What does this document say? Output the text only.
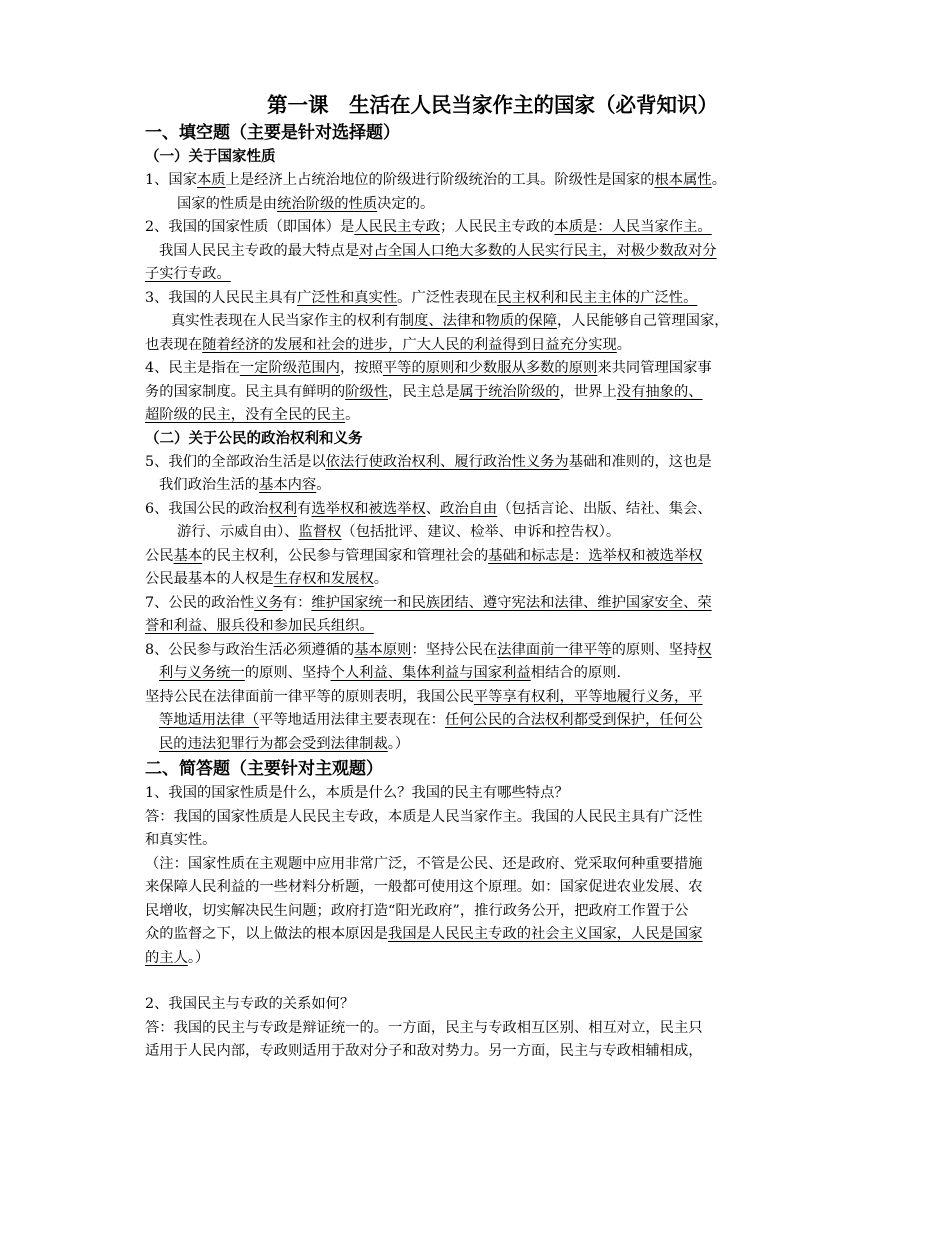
第一课　生活在人民当家作主的国家（必背知识）
一、填空题（主要是针对选择题）
（一）关于国家性质
1、国家本质上是经济上占统治地位的阶级进行阶级统治的工具。阶级性是国家的根本属性。
国家的性质是由统治阶级的性质决定的。
2、我国的国家性质（即国体）是人民民主专政；人民民主专政的本质是：人民当家作主。
我国人民民主专政的最大特点是对占全国人口绝大多数的人民实行民主，对极少数敌对分
子实行专政。
3、我国的人民民主具有广泛性和真实性。广泛性表现在民主权利和民主主体的广泛性。
真实性表现在人民当家作主的权利有制度、法律和物质的保障，人民能够自己管理国家，
也表现在随着经济的发展和社会的进步，广大人民的利益得到日益充分实现。
4、民主是指在一定阶级范围内，按照平等的原则和少数服从多数的原则来共同管理国家事
务的国家制度。民主具有鲜明的阶级性，民主总是属于统治阶级的，世界上没有抽象的、
超阶级的民主，没有全民的民主。
（二）关于公民的政治权利和义务
5、我们的全部政治生活是以依法行使政治权利、履行政治性义务为基础和准则的，这也是
我们政治生活的基本内容。
6、我国公民的政治权利有选举权和被选举权、政治自由（包括言论、出版、结社、集会、
游行、示威自由）、监督权（包括批评、建议、检举、申诉和控告权）。
公民基本的民主权利，公民参与管理国家和管理社会的基础和标志是：选举权和被选举权
公民最基本的人权是生存权和发展权。
7、公民的政治性义务有：维护国家统一和民族团结、遵守宪法和法律、维护国家安全、荣
誉和利益、服兵役和参加民兵组织。
8、公民参与政治生活必须遵循的基本原则：坚持公民在法律面前一律平等的原则、坚持权
利与义务统一的原则、坚持个人利益、集体利益与国家利益相结合的原则.
坚持公民在法律面前一律平等的原则表明，我国公民平等享有权利，平等地履行义务，平
等地适用法律（平等地适用法律主要表现在：任何公民的合法权利都受到保护，任何公
民的违法犯罪行为都会受到法律制裁。）
二、简答题（主要针对主观题）
1、我国的国家性质是什么，本质是什么？我国的民主有哪些特点？
答：我国的国家性质是人民民主专政，本质是人民当家作主。我国的人民民主具有广泛性
和真实性。
（注：国家性质在主观题中应用非常广泛，不管是公民、还是政府、党采取何种重要措施
来保障人民利益的一些材料分析题，一般都可使用这个原理。如：国家促进农业发展、农
民增收，切实解决民生问题；政府打造“阳光政府”，推行政务公开，把政府工作置于公
众的监督之下，以上做法的根本原因是我国是人民民主专政的社会主义国家，人民是国家
的主人。）
2、我国民主与专政的关系如何？
答：我国的民主与专政是辩证统一的。一方面，民主与专政相互区别、相互对立，民主只
适用于人民内部，专政则适用于敌对分子和敌对势力。另一方面，民主与专政相辅相成，
